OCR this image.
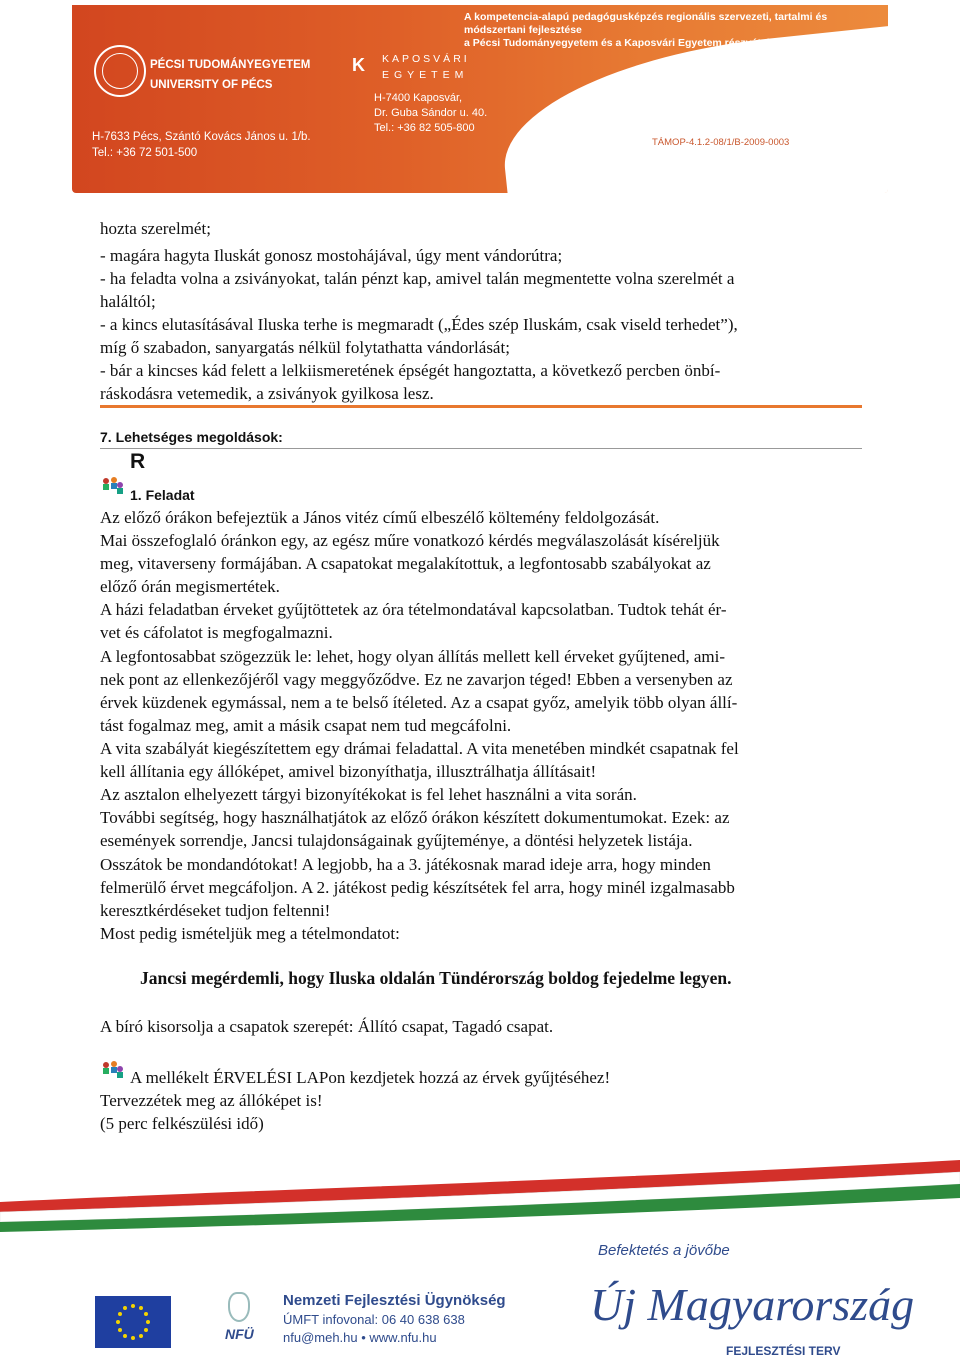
A kompetencia-alapú pedagógusképzés regionális szervezeti, tartalmi és módszertani fejlesztése
a Pécsi Tudományegyetem és a Kaposvári Egyetem részvételével
PÉCSI TUDOMÁNYEGYETEM
UNIVERSITY OF PÉCS
H-7633 Pécs, Szántó Kovács János u. 1/b.
Tel.: +36 72 501-500
K KAPOSVÁRI
EGYETEM
H-7400 Kaposvár,
Dr. Guba Sándor u. 40.
Tel.: +36 82 505-800
TÁMOP-4.1.2-08/1/B-2009-0003
hozta szerelmét;
- magára hagyta Iluskát gonosz mostohájával, úgy ment vándorútra;
- ha feladta volna a zsiványokat, talán pénzt kap, amivel talán megmentette volna szerelmét a
haláltól;
- a kincs elutasításával Iluska terhe is megmaradt („Édes szép Iluskám, csak viseld terhedet”),
míg ő szabadon, sanyargatás nélkül folytathatta vándorlását;
- bár a kincses kád felett a lelkiismeretének épségét hangoztatta, a következő percben önbí-
ráskodásra vetemedik, a zsiványok gyilkosa lesz.
7. Lehetséges megoldások:
R
1. Feladat
Az előző órákon befejeztük a János vitéz című elbeszélő költemény feldolgozását.
Mai összefoglaló óránkon egy, az egész műre vonatkozó kérdés megválaszolását kíséreljük
meg, vitaverseny formájában. A csapatokat megalakítottuk, a legfontosabb szabályokat az
előző órán megismertétek.
A házi feladatban érveket gyűjtöttetek az óra tételmondatával kapcsolatban. Tudtok tehát ér-
vet és cáfolatot is megfogalmazni.
A legfontosabbat szögezzük le: lehet, hogy olyan állítás mellett kell érveket gyűjtened, ami-
nek pont az ellenkezőjéről vagy meggyőződve. Ez ne zavarjon téged! Ebben a versenyben az
érvek küzdenek egymással, nem a te belső ítéleted. Az a csapat győz, amelyik több olyan állí-
tást fogalmaz meg, amit a másik csapat nem tud megcáfolni.
A vita szabályát kiegészítettem egy drámai feladattal. A vita menetében mindkét csapatnak fel
kell állítania egy állóképet, amivel bizonyíthatja, illusztrálhatja állításait!
Az asztalon elhelyezett tárgyi bizonyítékokat is fel lehet használni a vita során.
További segítség, hogy használhatjátok az előző órákon készített dokumentumokat. Ezek: az
események sorrendje, Jancsi tulajdonságainak gyűjteménye, a döntési helyzetek listája.
Osszátok be mondandótokat! A legjobb, ha a 3. játékosnak marad ideje arra, hogy minden
felmerülő érvet megcáfoljon. A 2. játékost pedig készítsétek fel arra, hogy minél izgalmasabb
keresztkérdéseket tudjon feltenni!
Most pedig ismételjük meg a tételmondatot:
Jancsi megérdemli, hogy Iluska oldalán Tündérország boldog fejedelme legyen.
A bíró kisorsolja a csapatok szerepét: Állító csapat, Tagadó csapat.
A mellékelt ÉRVELÉSI LAPon kezdjetek hozzá az érvek gyűjtéséhez!
Tervezzétek meg az állóképet is!
(5 perc felkészülési idő)
Befektetés a jövőbe
NFÜ
Nemzeti Fejlesztési Ügynökség
ÚMFT infovonal: 06 40 638 638
nfu@meh.hu • www.nfu.hu
Új Magyarország
FEJLESZTÉSI TERV
